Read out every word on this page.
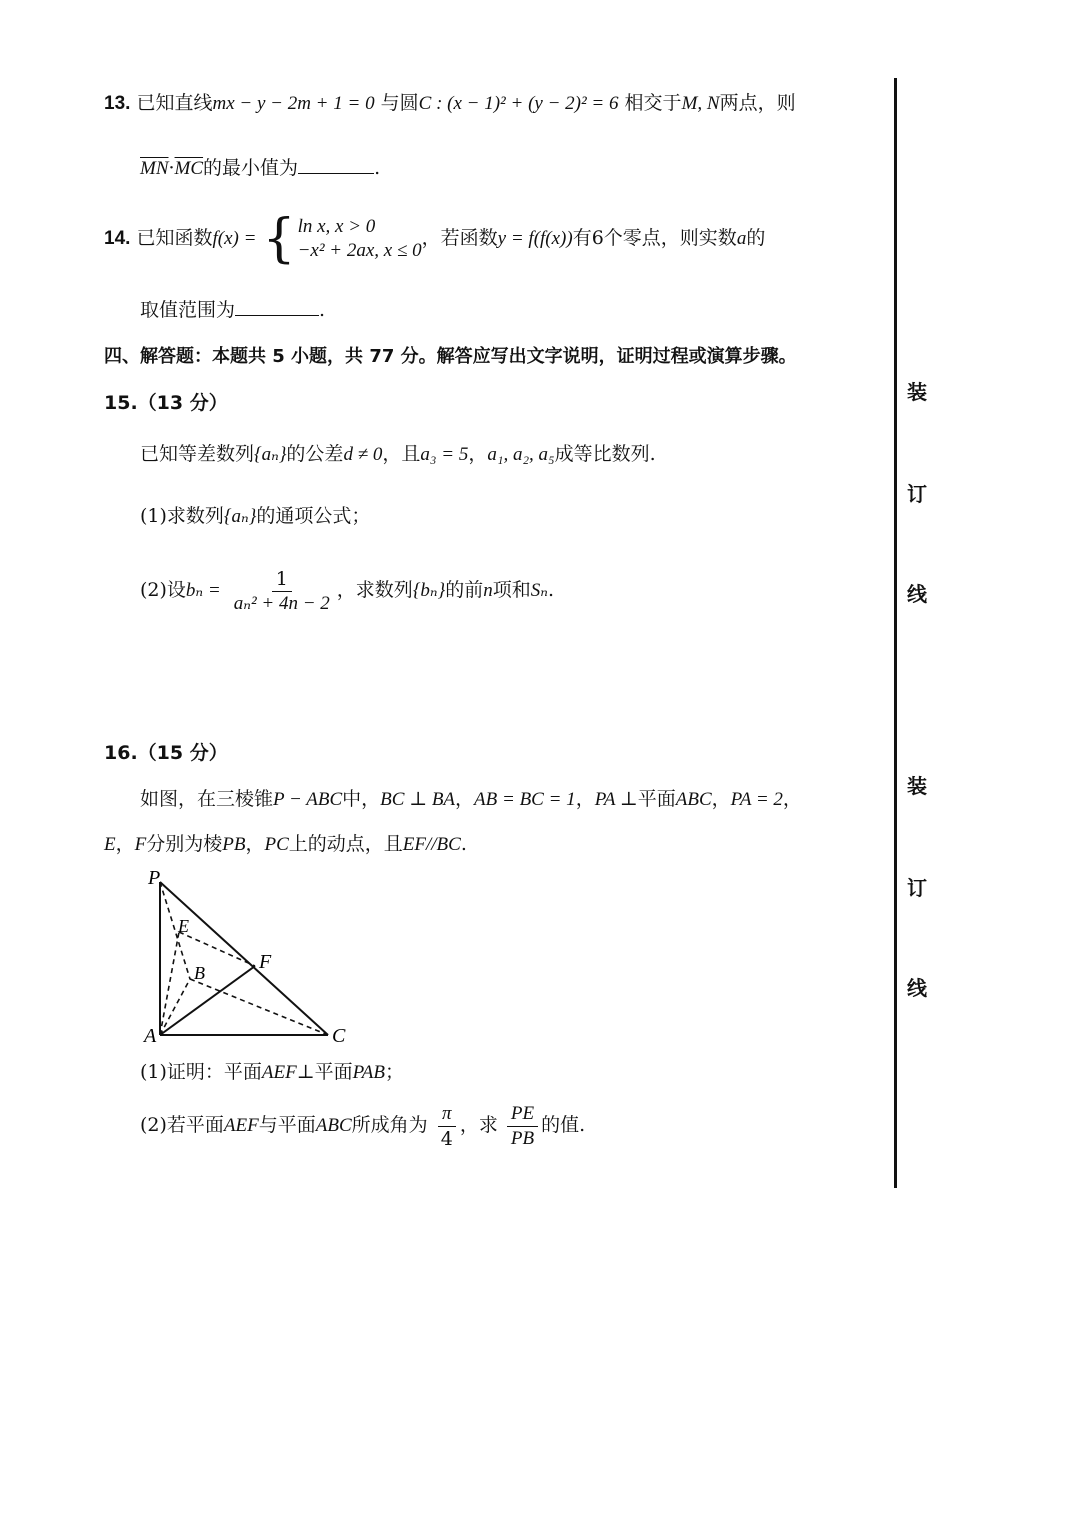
13. 已知直线mx − y − 2m + 1 = 0 与圆C : (x − 1)² + (y − 2)² = 6 相交于M, N两点，则
$\overline{MN}\cdot\overline{MC}$的最小值为	.
14. 已知函数f(x) = { ln x, x > 0
−x² + 2ax, x ≤ 0
，若函数y = f(f(x))有6个零点，则实数a的
取值范围为	.
四、解答题：本题共 5 小题，共 77 分。解答应写出文字说明，证明过程或演算步骤。
15.（13 分）
已知等差数列{aₙ}的公差d ≠ 0，且a₃ = 5，a₁, a₂, a₅成等比数列.
(1)求数列{aₙ}的通项公式；
(2)设$b_n = \frac{1}{\text{aₙ² + 4n − 2}}$ ，求数列{bₙ}的前n项和Sₙ.
16.（15 分）
如图，在三棱锥P − ABC中，BC ⊥ BA，AB = BC = 1，PA ⊥平面ABC，PA = 2，
E，F分别为棱PB，PC上的动点，且EF//BC.
P
E
B	F
A	C
(1)证明：平面AEF⊥平面PAB；
(2)若平面AEF与平面ABC所成角为 $\frac{\pi}{4}$ ，求 $\frac{PE}{PB}$ 的值.
装
订
线
装
订
线
